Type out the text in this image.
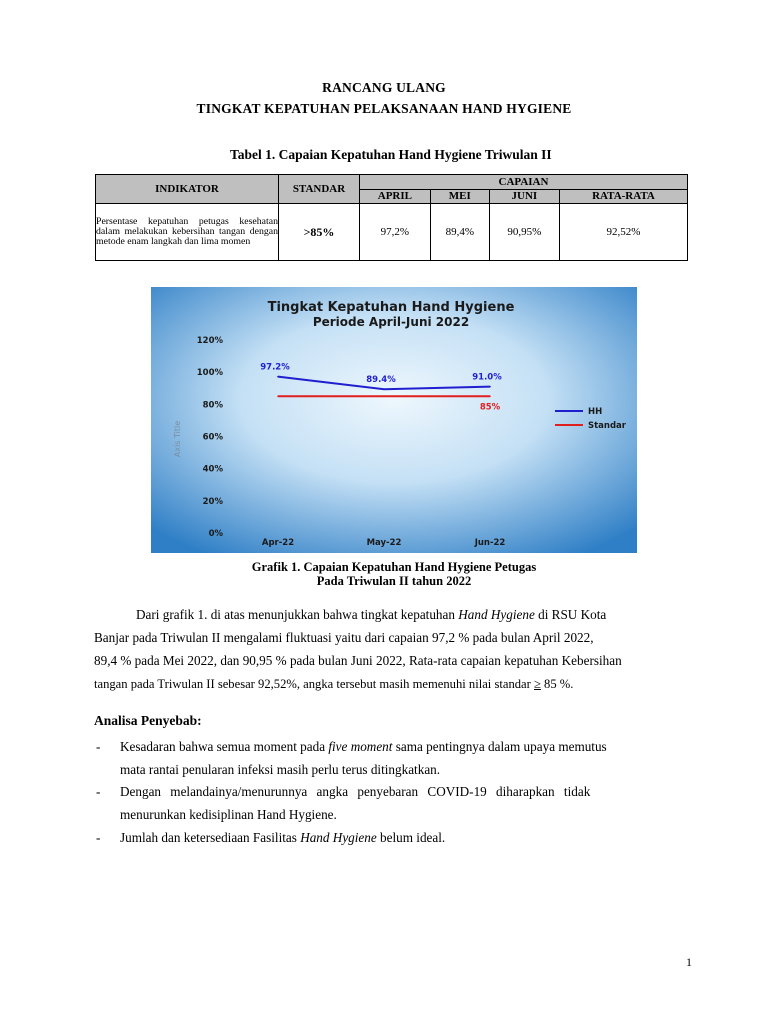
RANCANG ULANG
TINGKAT KEPATUHAN PELAKSANAAN HAND HYGIENE
Tabel 1. Capaian Kepatuhan Hand Hygiene Triwulan II
INDIKATOR	STANDAR	CAPAIAN			
		APRIL	MEI	JUNI	RATA-RATA
Persentase kepatuhan petugas kesehatan dalam melakukan kebersihan tangan dengan metode enam langkah dan lima momen	>85%	97,2%	89,4%	90,95%	92,52%
Tingkat Kepatuhan Hand Hygiene
Periode April-Juni 2022
Axis Title
0%
20%
40%
60%
80%
100%
120%
Apr-22	May-22	Jun-22
97.2%
89.4%	91.0%
85%	HH
Standar
Grafik 1. Capaian Kepatuhan Hand Hygiene Petugas
Pada Triwulan II tahun 2022
Dari grafik 1. di atas menunjukkan bahwa tingkat kepatuhan Hand Hygiene di RSU Kota
Banjar pada Triwulan II mengalami fluktuasi yaitu dari capaian 97,2 % pada bulan April 2022,
89,4 % pada Mei 2022, dan 90,95 % pada bulan Juni 2022, Rata-rata capaian kepatuhan Kebersihan
tangan pada Triwulan II sebesar 92,52%, angka tersebut masih memenuhi nilai standar ≥ 85 %.
Analisa Penyebab:
- Kesadaran bahwa semua moment pada five moment sama pentingnya dalam upaya memutus
mata rantai penularan infeksi masih perlu terus ditingkatkan.
- Dengan melandainya/menurunnya angka penyebaran COVID-19 diharapkan tidak
menurunkan kedisiplinan Hand Hygiene.
- Jumlah dan ketersediaan Fasilitas Hand Hygiene belum ideal.
1
